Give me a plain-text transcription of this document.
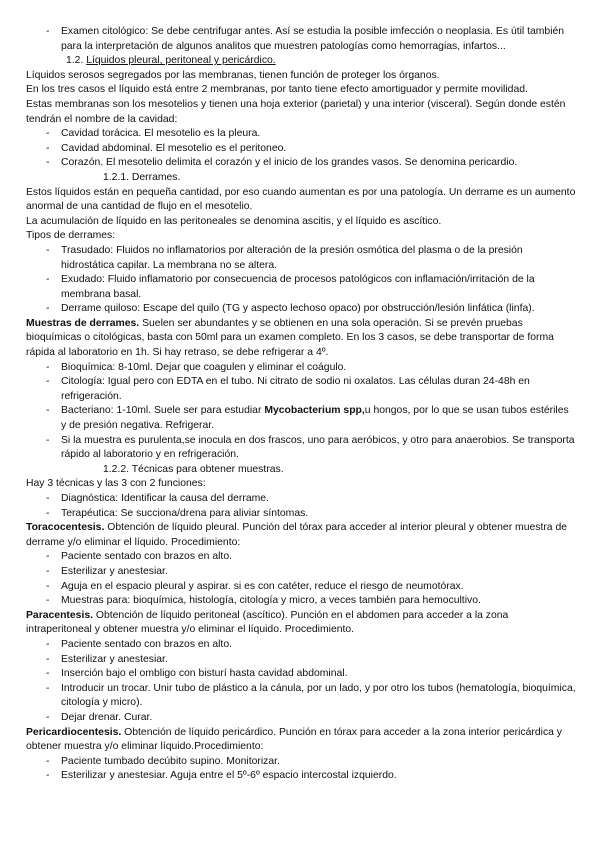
- Examen citológico: Se debe centrifugar antes. Así se estudia la posible imfección o neoplasia. Es útil también para la interpretación de algunos analitos que muestren patologías como hemorragias, infartos...

1.2. Líquidos pleural, peritoneal y pericárdico.

Líquidos serosos segregados por las membranas, tienen función de proteger los órganos.

En los tres casos el líquido está entre 2 membranas, por tanto tiene efecto amortiguador y permite movilidad.

Estas membranas son los mesotelios y tienen una hoja exterior (parietal) y una interior (visceral). Según donde estén tendrán el nombre de la cavidad:

- Cavidad torácica. El mesotelio es la pleura.
- Cavidad abdominal. El mesotelio es el peritoneo.
- Corazón. El mesotelio delimita el corazón y el inicio de los grandes vasos. Se denomina pericardio.

1.2.1. Derrames.

Estos líquidos están en pequeña cantidad, por eso cuando aumentan es por una patología. Un derrame es un aumento anormal de una cantidad de flujo en el mesotelio.

La acumulación de líquido en las peritoneales se denomina ascitis, y el líquido es ascítico.

Tipos de derrames:

- Trasudado: Fluidos no inflamatorios por alteración de la presión osmótica del plasma o de la presión hidrostática capilar. La membrana no se altera.
- Exudado: Fluido inflamatorio por consecuencia de procesos patológicos con inflamación/irritación de la membrana basal.
- Derrame quiloso: Escape del quilo (TG y aspecto lechoso opaco) por obstrucción/lesión linfática (linfa).

Muestras de derrames. Suelen ser abundantes y se obtienen en una sola operación. Si se prevén pruebas bioquímicas o citológicas, basta con 50ml para un examen completo. En los 3 casos, se debe transportar de forma rápida al laboratorio en 1h. Si hay retraso, se debe refrigerar a 4º.

- Bioquímica: 8-10ml. Dejar que coagulen y eliminar el coágulo.
- Citología: Igual pero con EDTA en el tubo. Ni citrato de sodio ni oxalatos. Las células duran 24-48h en refrigeración.
- Bacteriano: 1-10ml. Suele ser para estudiar Mycobacterium spp,u hongos, por lo que se usan tubos estériles y de presión negativa. Refrigerar.
- Si la muestra es purulenta,se inocula en dos frascos, uno para aeróbicos, y otro para anaerobios. Se transporta rápido al laboratorio y en refrigeración.

1.2.2. Técnicas para obtener muestras.

Hay 3 técnicas y las 3 con 2 funciones:

- Diagnóstica: Identificar la causa del derrame.
- Terapéutica: Se succiona/drena para aliviar síntomas.

Toracocentesis. Obtención de líquido pleural. Punción del tórax para acceder al interior pleural y obtener muestra de derrame y/o eliminar el líquido. Procedimiento:

- Paciente sentado con brazos en alto.
- Esterilizar y anestesiar.
- Aguja en el espacio pleural y aspirar. si es con catéter, reduce el riesgo de neumotórax.
- Muestras para: bioquímica, histología, citología y micro, a veces también para hemocultivo.

Paracentesis. Obtención de líquido peritoneal (ascítico). Punción en el abdomen para acceder a la zona intraperitoneal y obtener muestra y/o eliminar el líquido. Procedimiento.

- Paciente sentado con brazos en alto.
- Esterilizar y anestesiar.
- Inserción bajo el ombligo con bisturí hasta cavidad abdominal.
- Introducir un trocar. Unir tubo de plástico a la cánula, por un lado, y por otro los tubos (hematología, bioquímica, citología y micro).
- Dejar drenar. Curar.

Pericardiocentesis. Obtención de líquido pericárdico. Punción en tórax para acceder a la zona interior pericárdica y obtener muestra y/o eliminar líquido.Procedimiento:

- Paciente tumbado decúbito supino. Monitorizar.
- Esterilizar y anestesiar. Aguja entre el 5º-6º espacio intercostal izquierdo.
